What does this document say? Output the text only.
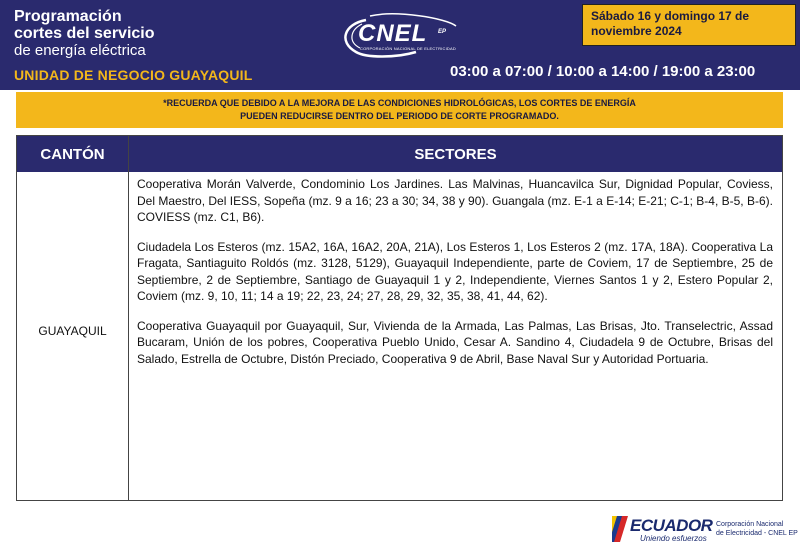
Programación
cortes del servicio
de energía eléctrica
UNIDAD DE NEGOCIO GUAYAQUIL
CNEL EP
CORPORACIÓN NACIONAL DE ELECTRICIDAD
Sábado 16 y domingo 17 de noviembre 2024
03:00 a 07:00 / 10:00 a 14:00 / 19:00 a 23:00
*RECUERDA QUE DEBIDO A LA MEJORA DE LAS CONDICIONES HIDROLÓGICAS, LOS CORTES DE ENERGÍA
PUEDEN REDUCIRSE DENTRO DEL PERIODO DE CORTE PROGRAMADO.
CANTÓN	SECTORES
GUAYAQUIL

Cooperativa Morán Valverde, Condominio Los Jardines. Las Malvinas, Huancavilca Sur, Dignidad Popular, Coviess, Del Maestro, Del IESS, Sopeña (mz. 9 a 16; 23 a 30; 34, 38 y 90). Guangala (mz. E-1 a E-14; E-21; C-1; B-4, B-5, B-6). COVIESS (mz. C1, B6).

Ciudadela Los Esteros (mz. 15A2, 16A, 16A2, 20A, 21A), Los Esteros 1, Los Esteros 2 (mz. 17A, 18A). Cooperativa La Fragata, Santiaguito Roldós (mz. 3128, 5129), Guayaquil Independiente, parte de Coviem, 17 de Septiembre, 25 de Septiembre, 2 de Septiembre, Santiago de Guayaquil 1 y 2, Independiente, Viernes Santos 1 y 2, Estero Popular 2, Coviem (mz. 9, 10, 11; 14 a 19; 22, 23, 24; 27, 28, 29, 32, 35, 38, 41, 44, 62).

Cooperativa Guayaquil por Guayaquil, Sur, Vivienda de la Armada, Las Palmas, Las Brisas, Jto. Transelectric, Assad Bucaram, Unión de los pobres, Cooperativa Pueblo Unido, Cesar A. Sandino 4, Ciudadela 9 de Octubre, Brisas del Salado, Estrella de Octubre, Distón Preciado, Cooperativa 9 de Abril, Base Naval Sur y Autoridad Portuaria.

ECUADOR
Uniendo esfuerzos
Corporación Nacional
de Electricidad - CNEL EP
